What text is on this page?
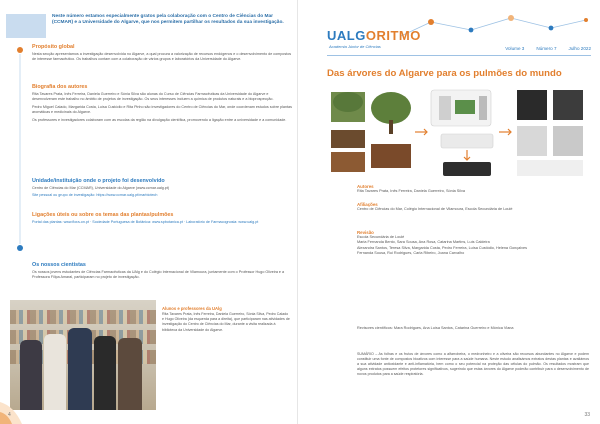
Neste número estamos especialmente gratos pela colaboração com o Centro de Ciências do Mar (CCMAR) e a Universidade do Algarve, que nos permitem partilhar os resultados da sua investigação.
Propósito global
Nesta secção apresentamos a investigação desenvolvida no Algarve, a qual procura a valorização de recursos endógenos e o desenvolvimento de compostos de interesse farmacêutico. Os trabalhos contam com a colaboração de vários grupos e laboratórios da Universidade do Algarve.
Biografia dos autores
Rita Tavares Prata, Inês Ferreira, Daniela Guerreiro e Sónia Silva são alunas do Curso de Ciências Farmacêuticas da Universidade do Algarve e desenvolveram este trabalho no âmbito de projetos de investigação. Os seus interesses incluem a química de produtos naturais e a bioprospecção.
Pedro Miguel Calado, Margarida Costa, Luísa Custódio e Rita Pinho são investigadores do Centro de Ciências do Mar, onde coordenam estudos sobre plantas aromáticas e medicinais do Algarve.
Os professores e investigadores colaboram com as escolas da região na divulgação científica, promovendo a ligação entre a universidade e a comunidade.
Unidade/instituição onde o projeto foi desenvolvido
Centro de Ciências do Mar (CCMAR), Universidade do Algarve (www.ccmar.ualg.pt)
Site pessoal ou grupo de investigação: https://www.ccmar.ualg.pt/marbiotech
Ligações úteis ou sobre os temas das plantas/pulmões
Portal das plantas: www.flora-on.pt · Sociedade Portuguesa de Botânica: www.spbotanica.pt · Laboratório de Farmacognosia: www.ualg.pt
Os nossos cientistas
Os nossos jovens estudantes de Ciências Farmacêuticas da UAlg e do Colégio Internacional de Vilamoura, juntamente com o Professor Hugo Oliveira e a Professora Filipa Amaral, participaram no projeto de investigação.
Alunos e professores da UAlg
Rita Tavares Prata, Inês Ferreira, Daniela Guerreiro, Sónia Silva, Pedro Calado e Hugo Oliveira (da esquerda para a direita), que participaram nas atividades de investigação do Centro de Ciências do Mar, durante a visita realizada à biblioteca da Universidade do Algarve.
4
UALGORITMO
Academia Júnior de Ciências	Volume 3	Número 7	Julho 2022
Das árvores do Algarve para os pulmões do mundo
Autores
Rita Tavares Prata, Inês Ferreira, Daniela Guerreiro, Sónia Silva
Afiliações
Centro de Ciências do Mar, Colégio Internacional de Vilamoura, Escola Secundária de Loulé
Revisão
Escola Secundária de Loulé
Maria Fernanda Bento, Sara Sousa, Ana Rosa, Catarina Martins, Luís Caldeira
Alexandra Santos, Teresa Silva, Margarida Costa, Pedro Ferreira, Luísa Custódio, Helena Gonçalves
Fernanda Sousa, Rui Rodrigues, Carla Ribeiro, Joana Carvalho
Revisores científicos: Mara Rodrigues, Ana Luísa Santos, Catarina Guerreiro e Mónica Viana
SUMÁRIO – As folhas e os frutos de árvores como a alfarrobeira, o medronheiro e a oliveira são recursos abundantes no Algarve e podem constituir uma fonte de compostos bioativos com interesse para a saúde humana. Neste estudo analisámos extratos destas plantas e avaliámos a sua atividade antioxidante e anti-inflamatória, bem como o seu potencial na proteção das células do pulmão. Os resultados mostram que alguns extratos possuem efeitos protetores significativos, sugerindo que estas árvores do Algarve poderão contribuir para o desenvolvimento de novos produtos para a saúde respiratória.
33
